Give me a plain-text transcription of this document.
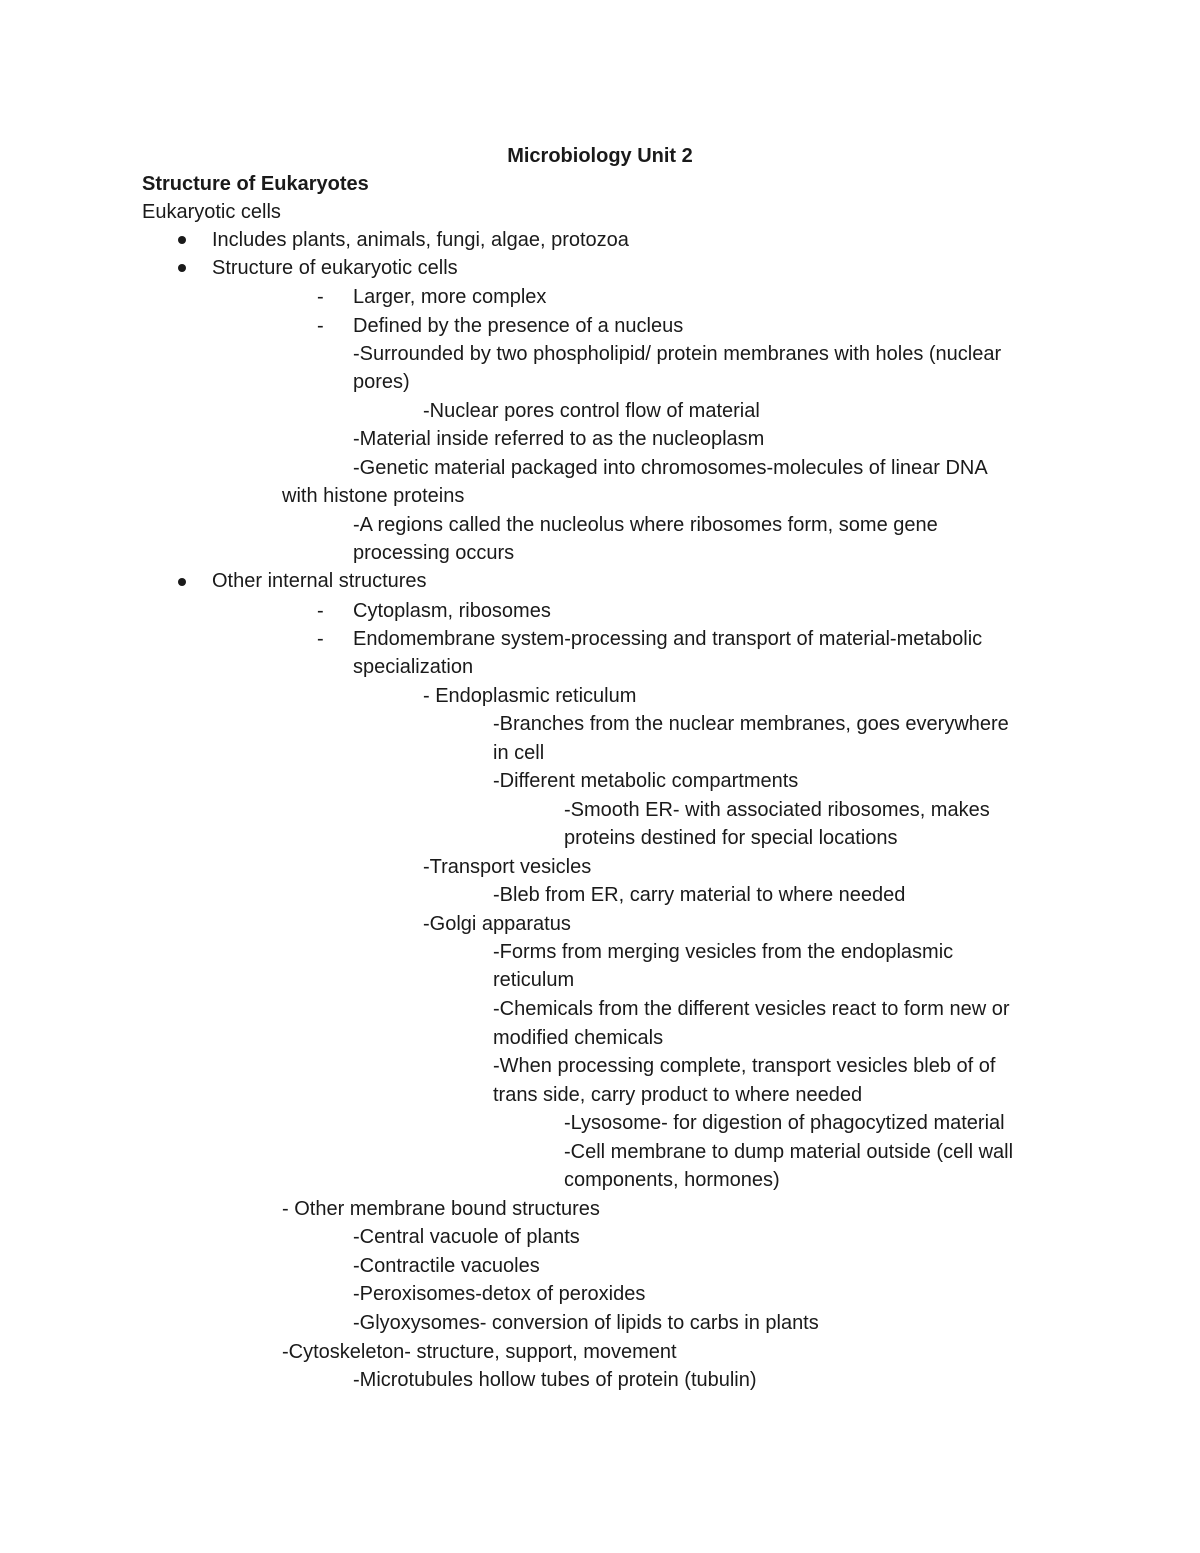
Microbiology Unit 2
Structure of Eukaryotes
Eukaryotic cells
Includes plants, animals, fungi, algae, protozoa
Structure of eukaryotic cells
- Larger, more complex
- Defined by the presence of a nucleus
-Surrounded by two phospholipid/ protein membranes with holes (nuclear
pores)
-Nuclear pores control flow of material
-Material inside referred to as the nucleoplasm
-Genetic material packaged into chromosomes-molecules of linear DNA
with histone proteins
-A regions called the nucleolus where ribosomes form, some gene
processing occurs
Other internal structures
- Cytoplasm, ribosomes
- Endomembrane system-processing and transport of material-metabolic
specialization
- Endoplasmic reticulum
-Branches from the nuclear membranes, goes everywhere
in cell
-Different metabolic compartments
-Smooth ER- with associated ribosomes, makes
proteins destined for special locations
-Transport vesicles
-Bleb from ER, carry material to where needed
-Golgi apparatus
-Forms from merging vesicles from the endoplasmic
reticulum
-Chemicals from the different vesicles react to form new or
modified chemicals
-When processing complete, transport vesicles bleb of of
trans side, carry product to where needed
-Lysosome- for digestion of phagocytized material
-Cell membrane to dump material outside (cell wall
components, hormones)
- Other membrane bound structures
-Central vacuole of plants
-Contractile vacuoles
-Peroxisomes-detox of peroxides
-Glyoxysomes- conversion of lipids to carbs in plants
-Cytoskeleton- structure, support, movement
-Microtubules hollow tubes of protein (tubulin)
